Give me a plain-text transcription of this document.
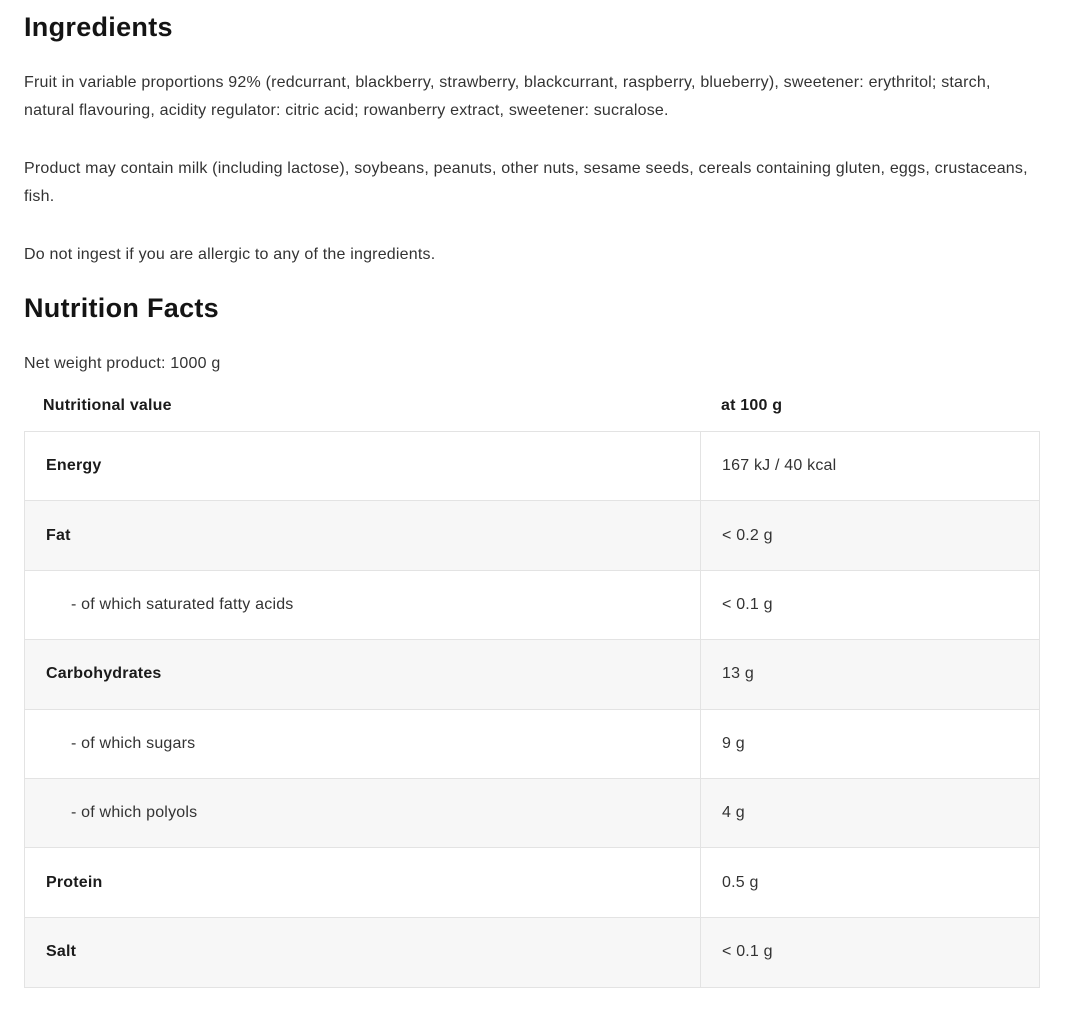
Ingredients

Fruit in variable proportions 92% (redcurrant, blackberry, strawberry, blackcurrant, raspberry, blueberry), sweetener: erythritol; starch, natural flavouring, acidity regulator: citric acid; rowanberry extract, sweetener: sucralose.

Product may contain milk (including lactose), soybeans, peanuts, other nuts, sesame seeds, cereals containing gluten, eggs, crustaceans, fish.

Do not ingest if you are allergic to any of the ingredients.

Nutrition Facts

Net weight product: 1000 g

Nutritional value	at 100 g
Energy	167 kJ / 40 kcal
Fat	< 0.2 g
- of which saturated fatty acids	< 0.1 g
Carbohydrates	13 g
- of which sugars	9 g
- of which polyols	4 g
Protein	0.5 g
Salt	< 0.1 g
